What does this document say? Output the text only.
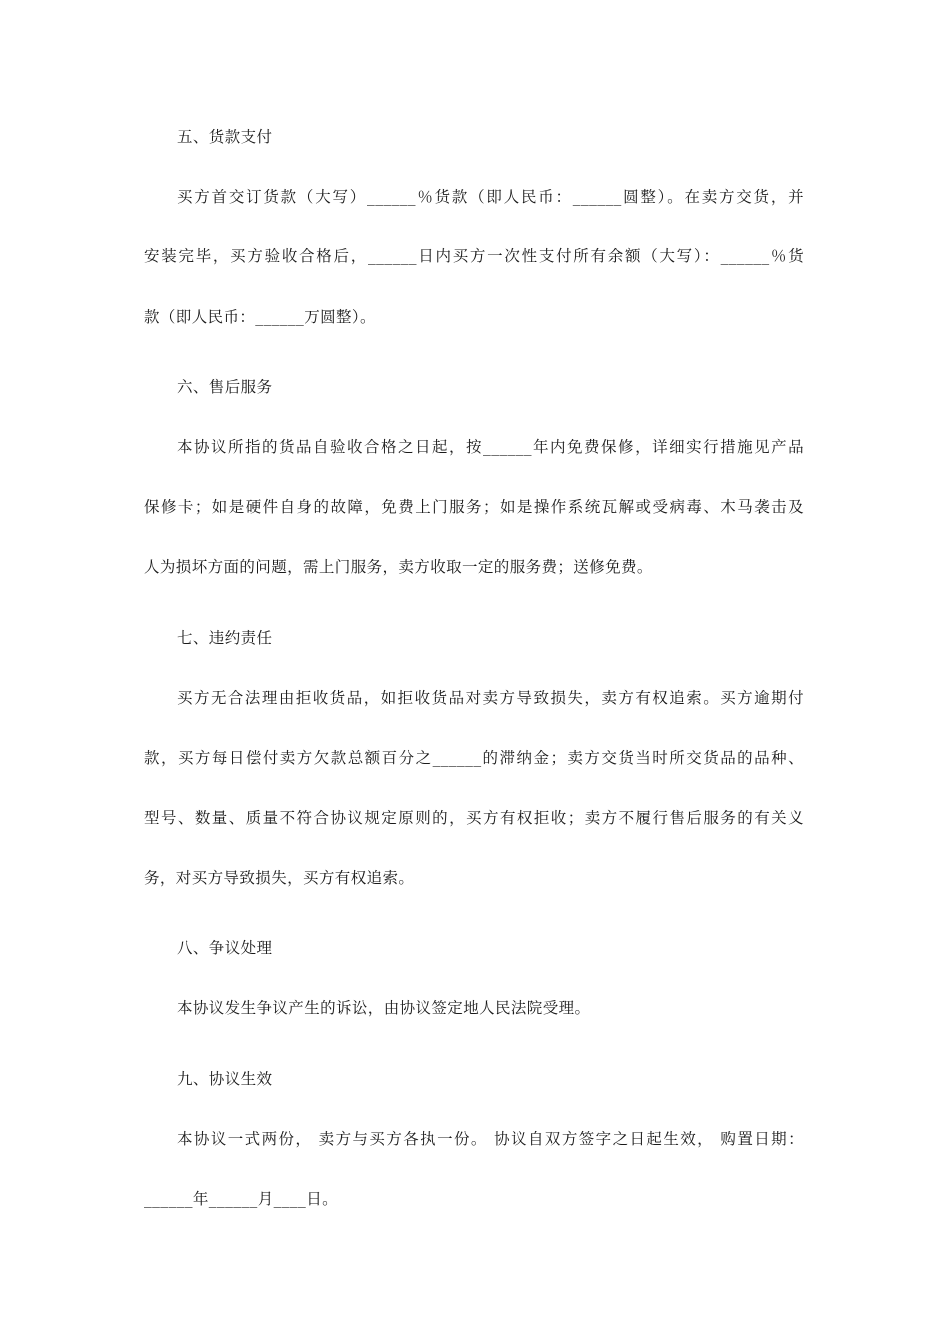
五、货款支付
买方首交订货款（大写）______％货款（即人民币：______圆整）。在卖方交货，并
安装完毕，买方验收合格后，______日内买方一次性支付所有余额（大写）：______％货
款（即人民币：______万圆整）。
六、售后服务
本协议所指的货品自验收合格之日起，按______年内免费保修，详细实行措施见产品
保修卡；如是硬件自身的故障，免费上门服务；如是操作系统瓦解或受病毒、木马袭击及
人为损坏方面的问题，需上门服务，卖方收取一定的服务费；送修免费。
七、违约责任
买方无合法理由拒收货品，如拒收货品对卖方导致损失，卖方有权追索。买方逾期付
款，买方每日偿付卖方欠款总额百分之______的滞纳金；卖方交货当时所交货品的品种、
型号、数量、质量不符合协议规定原则的，买方有权拒收；卖方不履行售后服务的有关义
务，对买方导致损失，买方有权追索。
八、争议处理
本协议发生争议产生的诉讼，由协议签定地人民法院受理。
九、协议生效
本协议一式两份， 卖方与买方各执一份。 协议自双方签字之日起生效， 购置日期：
______年______月____日。
